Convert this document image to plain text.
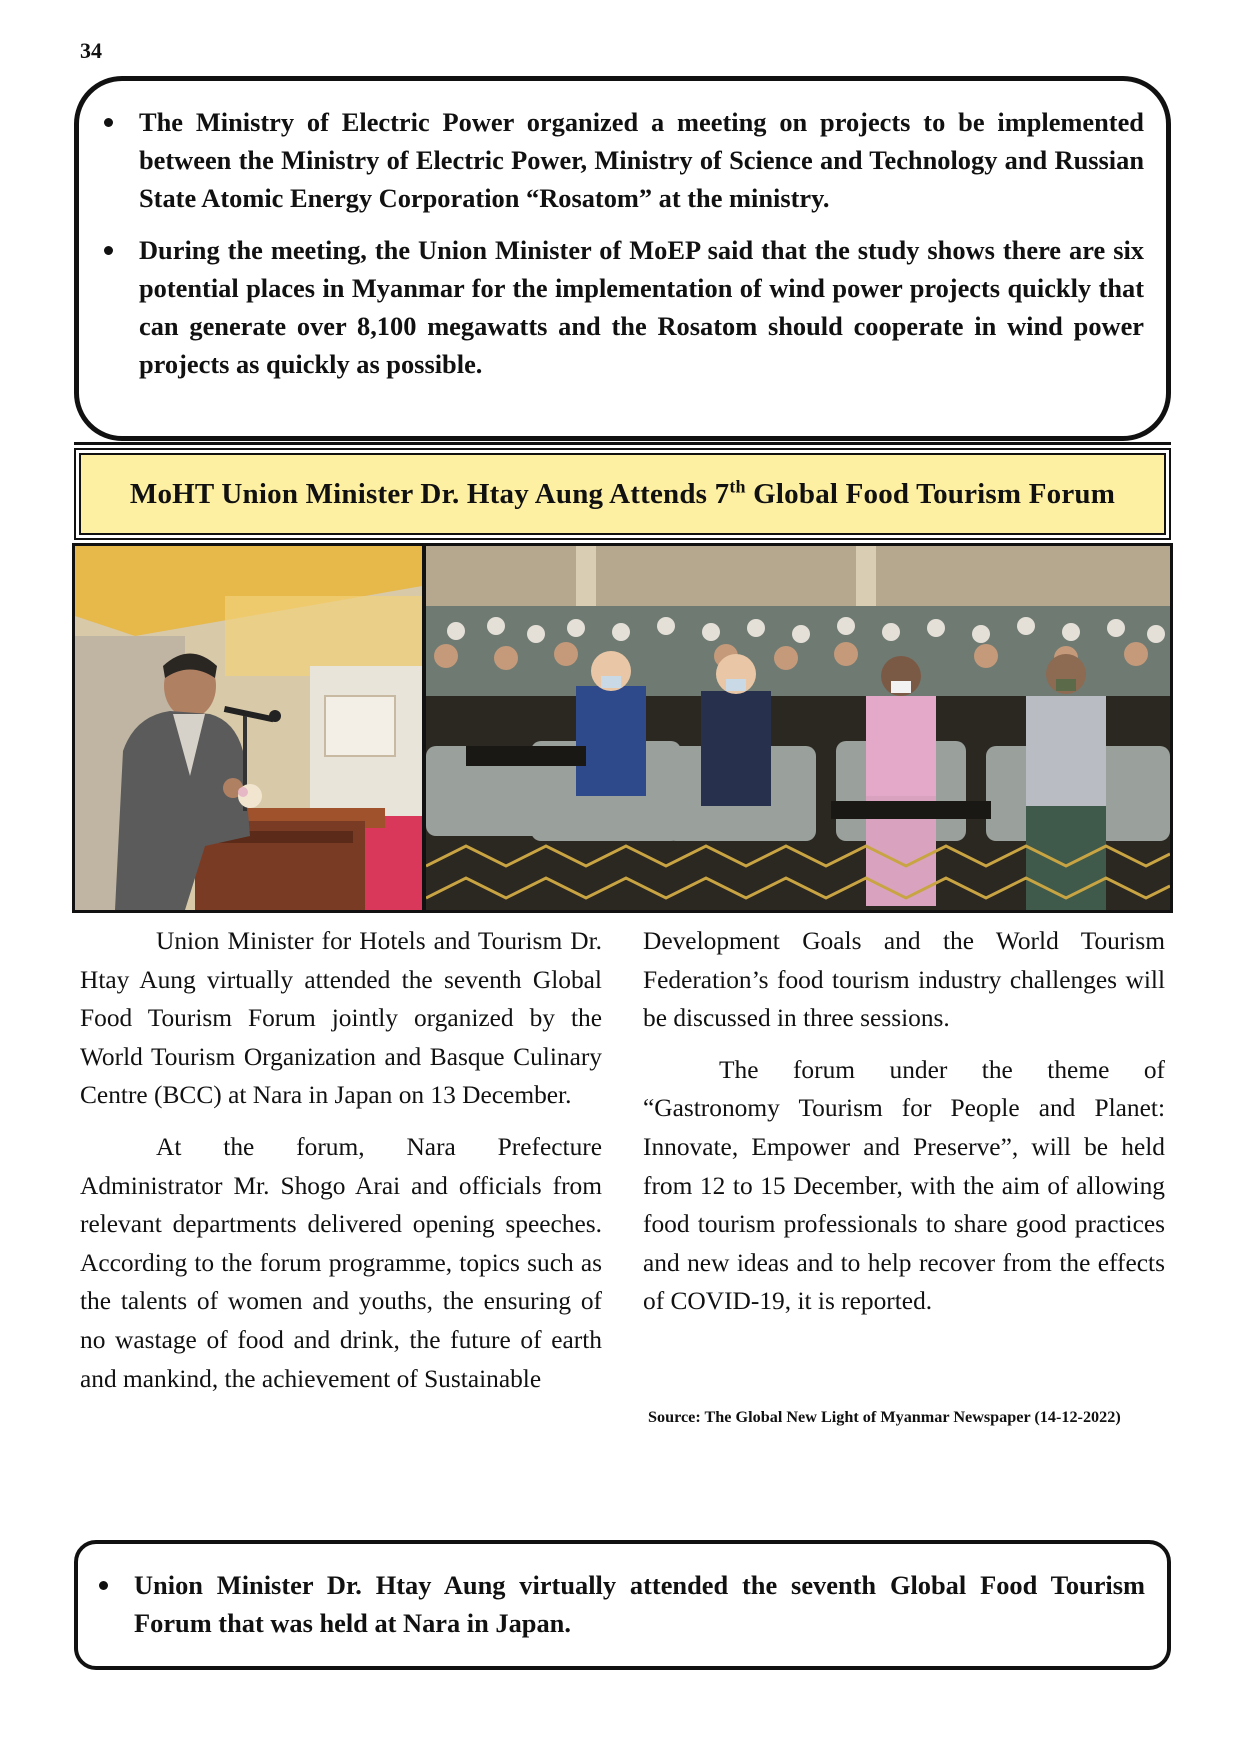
34
The Ministry of Electric Power organized a meeting on projects to be implemented between the Ministry of Electric Power, Ministry of Science and Technology and Russian State Atomic Energy Corporation “Rosatom” at the ministry.
During the meeting, the Union Minister of MoEP said that the study shows there are six potential places in Myanmar for the implementation of wind power projects quickly that can generate over 8,100 megawatts and the Rosatom should cooperate in wind power projects as quickly as possible.
MoHT Union Minister Dr. Htay Aung Attends 7th Global Food Tourism Forum

Union Minister for Hotels and Tourism Dr. Htay Aung virtually attended the seventh Global Food Tourism Forum jointly organized by the World Tourism Organization and Basque Culinary Centre (BCC) at Nara in Japan on 13 December.

At the forum, Nara Prefecture Administrator Mr. Shogo Arai and officials from relevant departments delivered opening speeches. According to the forum programme, topics such as the talents of women and youths, the ensuring of no wastage of food and drink, the future of earth and mankind, the achievement of Sustainable

Development Goals and the World Tourism Federation’s food tourism industry challenges will be discussed in three sessions.

The forum under the theme of “Gastronomy Tourism for People and Planet: Innovate, Empower and Preserve”, will be held from 12 to 15 December, with the aim of allowing food tourism professionals to share good practices and new ideas and to help recover from the effects of COVID-19, it is reported.

Source: The Global New Light of Myanmar Newspaper (14-12-2022)
Union Minister Dr. Htay Aung virtually attended the seventh Global Food Tourism Forum that was held at Nara in Japan.
